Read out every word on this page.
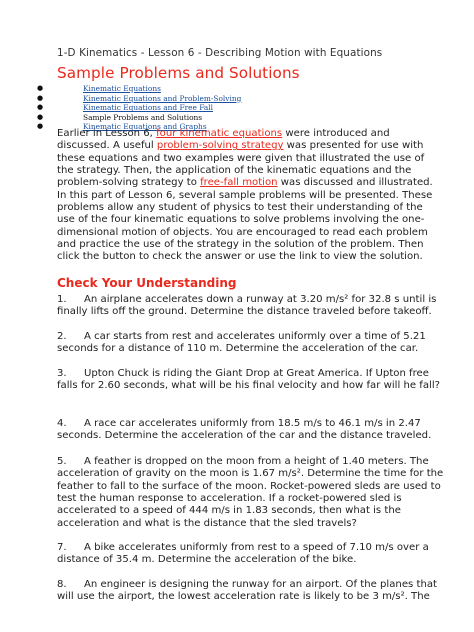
1-D Kinematics - Lesson 6 - Describing Motion with Equations
Sample Problems and Solutions
●	Kinematic Equations
●	Kinematic Equations and Problem-Solving
●	Kinematic Equations and Free Fall
●	Sample Problems and Solutions
●	Kinematic Equations and Graphs
Earlier in Lesson 6, four kinematic equations were introduced and discussed. A useful problem-solving strategy was presented for use with these equations and two examples were given that illustrated the use of the strategy. Then, the application of the kinematic equations and the problem-solving strategy to free-fall motion was discussed and illustrated. In this part of Lesson 6, several sample problems will be presented. These problems allow any student of physics to test their understanding of the use of the four kinematic equations to solve problems involving the one-dimensional motion of objects. You are encouraged to read each problem and practice the use of the strategy in the solution of the problem. Then click the button to check the answer or use the link to view the solution.
Check Your Understanding
1. An airplane accelerates down a runway at 3.20 m/s² for 32.8 s until is finally lifts off the ground. Determine the distance traveled before takeoff.
2. A car starts from rest and accelerates uniformly over a time of 5.21 seconds for a distance of 110 m. Determine the acceleration of the car.
3. Upton Chuck is riding the Giant Drop at Great America. If Upton free falls for 2.60 seconds, what will be his final velocity and how far will he fall?
4. A race car accelerates uniformly from 18.5 m/s to 46.1 m/s in 2.47 seconds. Determine the acceleration of the car and the distance traveled.
5. A feather is dropped on the moon from a height of 1.40 meters. The acceleration of gravity on the moon is 1.67 m/s². Determine the time for the feather to fall to the surface of the moon. Rocket-powered sleds are used to test the human response to acceleration. If a rocket-powered sled is accelerated to a speed of 444 m/s in 1.83 seconds, then what is the acceleration and what is the distance that the sled travels?
7. A bike accelerates uniformly from rest to a speed of 7.10 m/s over a distance of 35.4 m. Determine the acceleration of the bike.
8. An engineer is designing the runway for an airport. Of the planes that will use the airport, the lowest acceleration rate is likely to be 3 m/s². The
